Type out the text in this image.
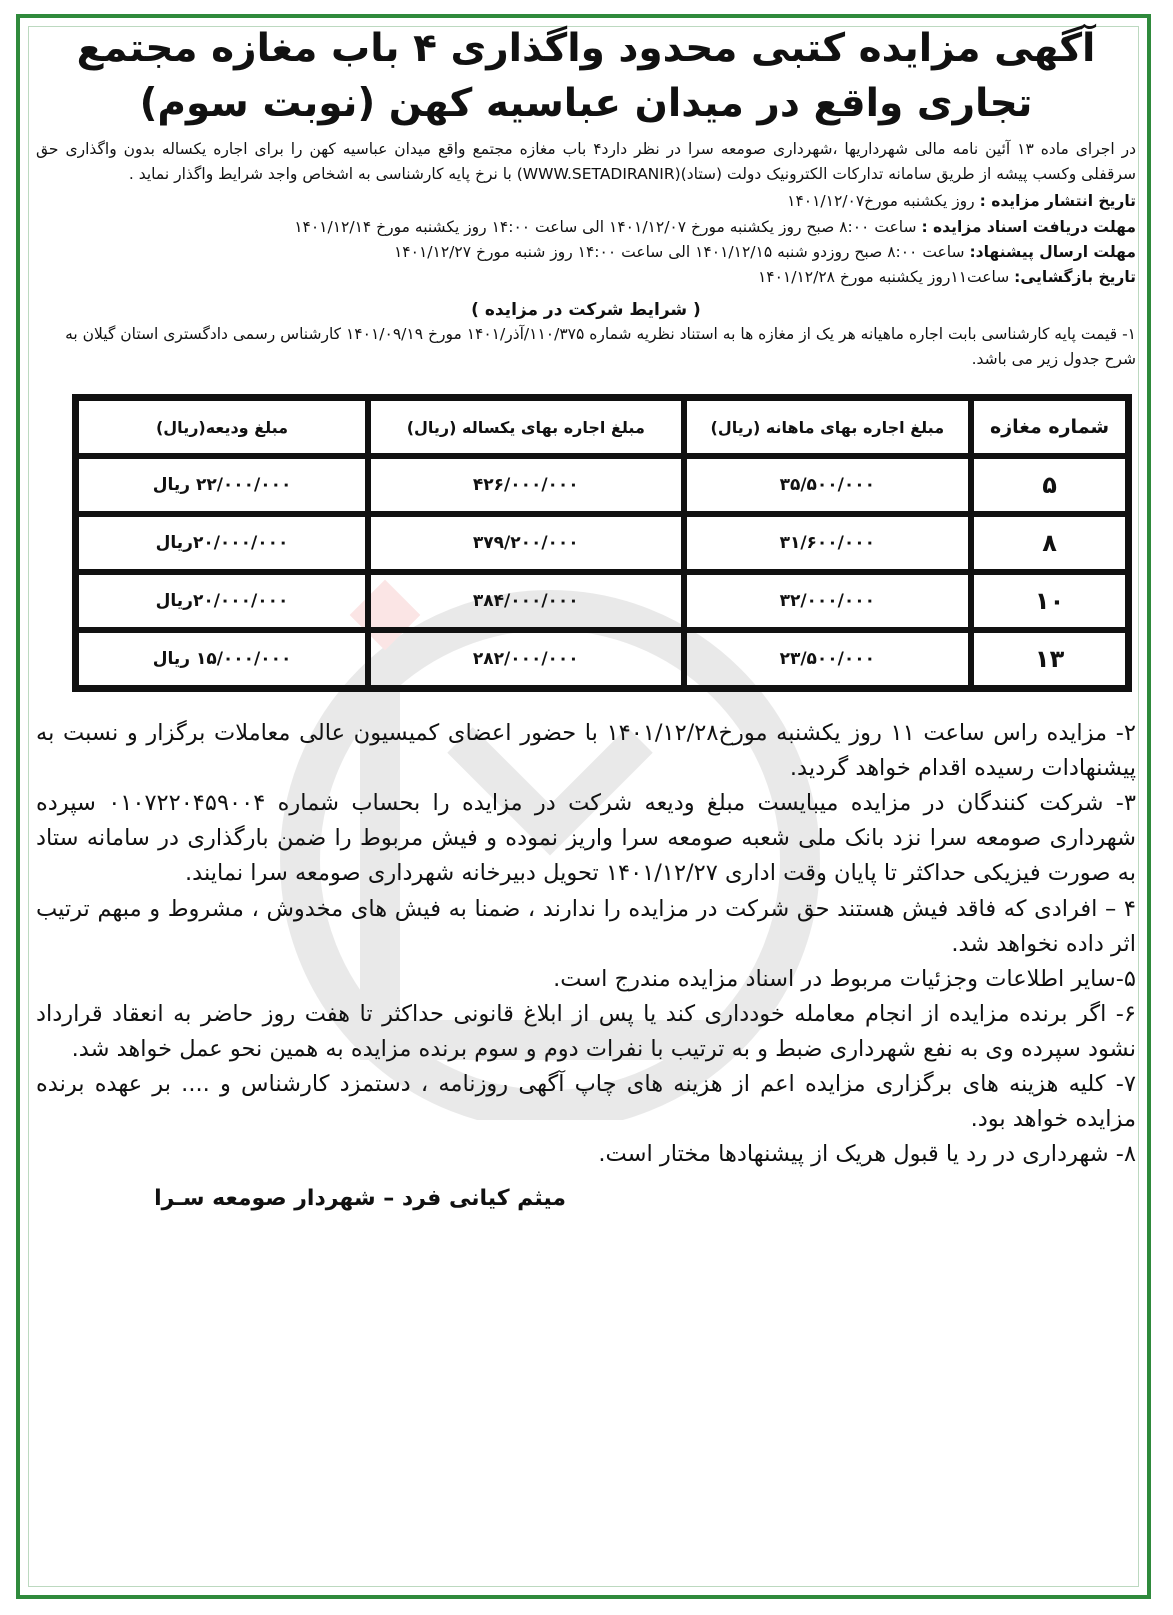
آگهی مزایده کتبی محدود واگذاری ۴ باب مغازه مجتمع
تجاری واقع در میدان عباسیه کهن (نوبت سوم)
در اجرای ماده ۱۳ آئین نامه مالی شهرداریها ،شهرداری صومعه سرا در نظر دارد۴ باب مغازه مجتمع واقع میدان عباسیه کهن را برای اجاره یکساله بدون واگذاری حق سرقفلی وکسب پیشه از طریق سامانه تدارکات الکترونیک دولت (ستاد)(WWW.SETADIRANIR) با نرخ پایه کارشناسی به اشخاص واجد شرایط واگذار نماید .
تاریخ انتشار مزایده : روز یکشنبه مورخ۱۴۰۱/۱۲/۰۷
مهلت دریافت اسناد مزایده : ساعت ۸:۰۰ صبح روز یکشنبه مورخ ۱۴۰۱/۱۲/۰۷ الی ساعت ۱۴:۰۰ روز یکشنبه مورخ ۱۴۰۱/۱۲/۱۴
مهلت ارسال پیشنهاد: ساعت ۸:۰۰ صبح روزدو شنبه ۱۴۰۱/۱۲/۱۵ الی ساعت ۱۴:۰۰ روز شنبه مورخ ۱۴۰۱/۱۲/۲۷
تاریخ بازگشایی: ساعت۱۱روز یکشنبه مورخ ۱۴۰۱/۱۲/۲۸
( شرایط شرکت در مزایده )
۱- قیمت پایه کارشناسی بابت اجاره ماهیانه هر یک از مغازه ها به استناد نظریه شماره ۱۱۰/۳۷۵/آذر/۱۴۰۱ مورخ ۱۴۰۱/۰۹/۱۹ کارشناس رسمی دادگستری استان گیلان به شرح جدول زیر می باشد.
شماره مغازه	مبلغ اجاره بهای ماهانه (ریال)	مبلغ اجاره بهای یکساله (ریال)	مبلغ ودیعه(ریال)
۵	۳۵/۵۰۰/۰۰۰	۴۲۶/۰۰۰/۰۰۰	۲۲/۰۰۰/۰۰۰ ریال
۸	۳۱/۶۰۰/۰۰۰	۳۷۹/۲۰۰/۰۰۰	۲۰/۰۰۰/۰۰۰ریال
۱۰	۳۲/۰۰۰/۰۰۰	۳۸۴/۰۰۰/۰۰۰	۲۰/۰۰۰/۰۰۰ریال
۱۳	۲۳/۵۰۰/۰۰۰	۲۸۲/۰۰۰/۰۰۰	۱۵/۰۰۰/۰۰۰ ریال

۲- مزایده راس ساعت ۱۱ روز یکشنبه مورخ۱۴۰۱/۱۲/۲۸ با حضور اعضای کمیسیون عالی معاملات برگزار و نسبت به پیشنهادات رسیده اقدام خواهد گردید.

۳- شرکت کنندگان در مزایده میبایست مبلغ ودیعه شرکت در مزایده را بحساب شماره ۰۱۰۷۲۲۰۴۵۹۰۰۴ سپرده شهرداری صومعه سرا نزد بانک ملی شعبه صومعه سرا واریز نموده و فیش مربوط را ضمن بارگذاری در سامانه ستاد به صورت فیزیکی حداکثر تا پایان وقت اداری ۱۴۰۱/۱۲/۲۷ تحویل دبیرخانه شهرداری صومعه سرا نمایند.

۴ – افرادی که فاقد فیش هستند حق شرکت در مزایده را ندارند ، ضمنا به فیش های مخدوش ، مشروط و مبهم ترتیب اثر داده نخواهد شد.

۵-سایر اطلاعات وجزئیات مربوط در اسناد مزایده مندرج است.

۶- اگر برنده مزایده از انجام معامله خودداری کند یا پس از ابلاغ قانونی حداکثر تا هفت روز حاضر به انعقاد قرارداد نشود سپرده وی به نفع شهرداری ضبط و به ترتیب با نفرات دوم و سوم برنده مزایده به همین نحو عمل خواهد شد.

۷- کلیه هزینه های برگزاری مزایده اعم از هزینه های چاپ آگهی روزنامه ، دستمزد کارشناس و .... بر عهده برنده مزایده خواهد بود.

۸- شهرداری در رد یا قبول هریک از پیشنهادها مختار است.

میثم کیانی فرد – شهردار صومعه سـرا
